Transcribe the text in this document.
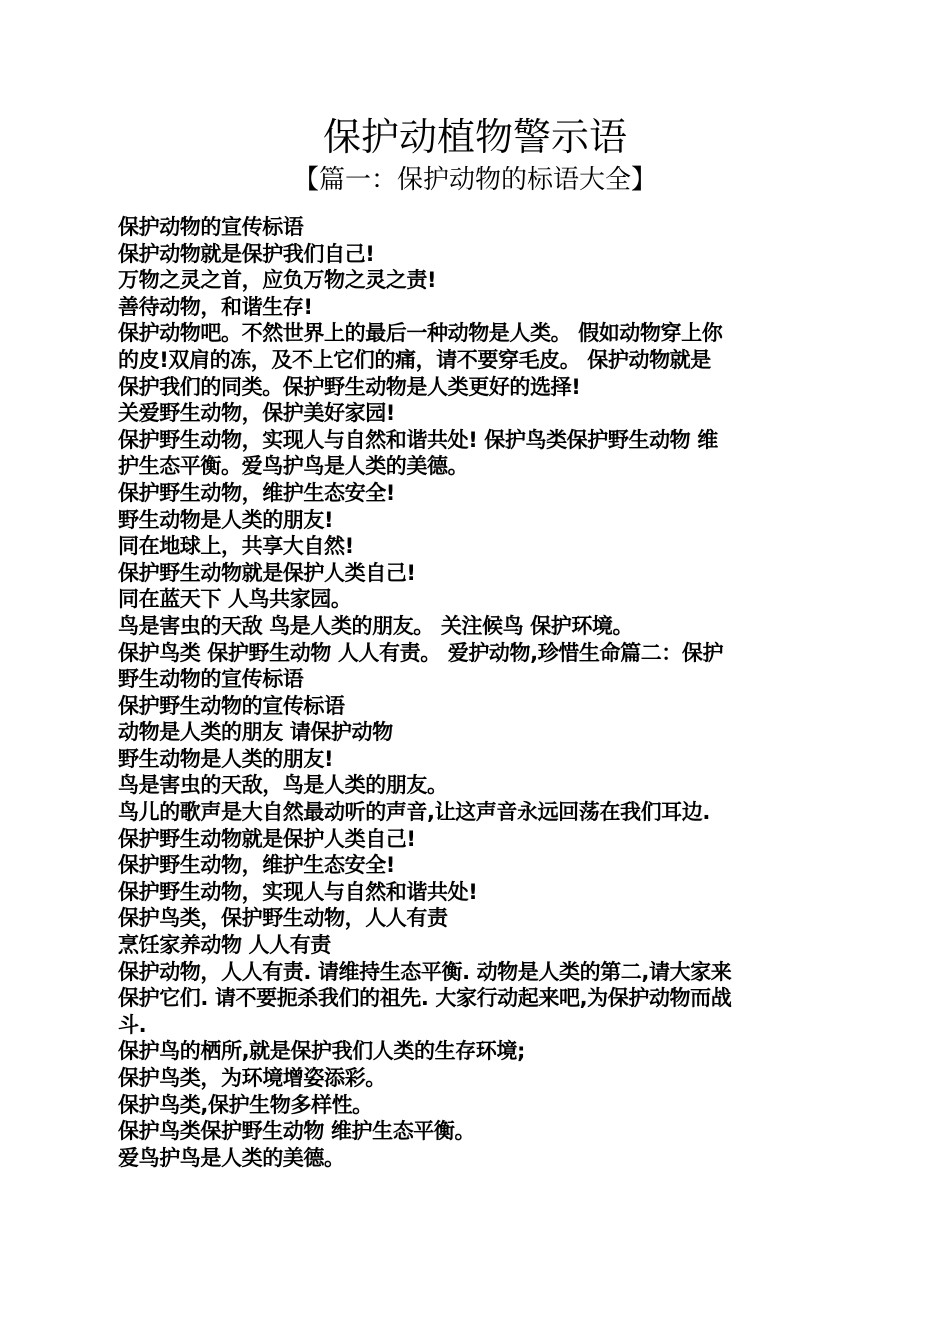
保护动植物警示语
【篇一：保护动物的标语大全】
保护动物的宣传标语
保护动物就是保护我们自己!
万物之灵之首，应负万物之灵之责!
善待动物，和谐生存!
保护动物吧。不然世界上的最后一种动物是人类。 假如动物穿上你
的皮!双肩的冻，及不上它们的痛，请不要穿毛皮。 保护动物就是
保护我们的同类。保护野生动物是人类更好的选择!
关爱野生动物，保护美好家园!
保护野生动物，实现人与自然和谐共处! 保护鸟类保护野生动物 维
护生态平衡。爱鸟护鸟是人类的美德。
保护野生动物，维护生态安全!
野生动物是人类的朋友!
同在地球上，共享大自然!
保护野生动物就是保护人类自己!
同在蓝天下 人鸟共家园。
鸟是害虫的天敌 鸟是人类的朋友。 关注候鸟 保护环境。
保护鸟类 保护野生动物 人人有责。 爱护动物,珍惜生命篇二：保护
野生动物的宣传标语
保护野生动物的宣传标语
动物是人类的朋友 请保护动物
野生动物是人类的朋友!
鸟是害虫的天敌，鸟是人类的朋友。
鸟儿的歌声是大自然最动听的声音,让这声音永远回荡在我们耳边.
保护野生动物就是保护人类自己!
保护野生动物，维护生态安全!
保护野生动物，实现人与自然和谐共处!
保护鸟类，保护野生动物，人人有责
烹饪家养动物 人人有责
保护动物，人人有责. 请维持生态平衡. 动物是人类的第二,请大家来
保护它们. 请不要扼杀我们的祖先. 大家行动起来吧,为保护动物而战
斗.
保护鸟的栖所,就是保护我们人类的生存环境;
保护鸟类，为环境增姿添彩。
保护鸟类,保护生物多样性。
保护鸟类保护野生动物 维护生态平衡。
爱鸟护鸟是人类的美德。
